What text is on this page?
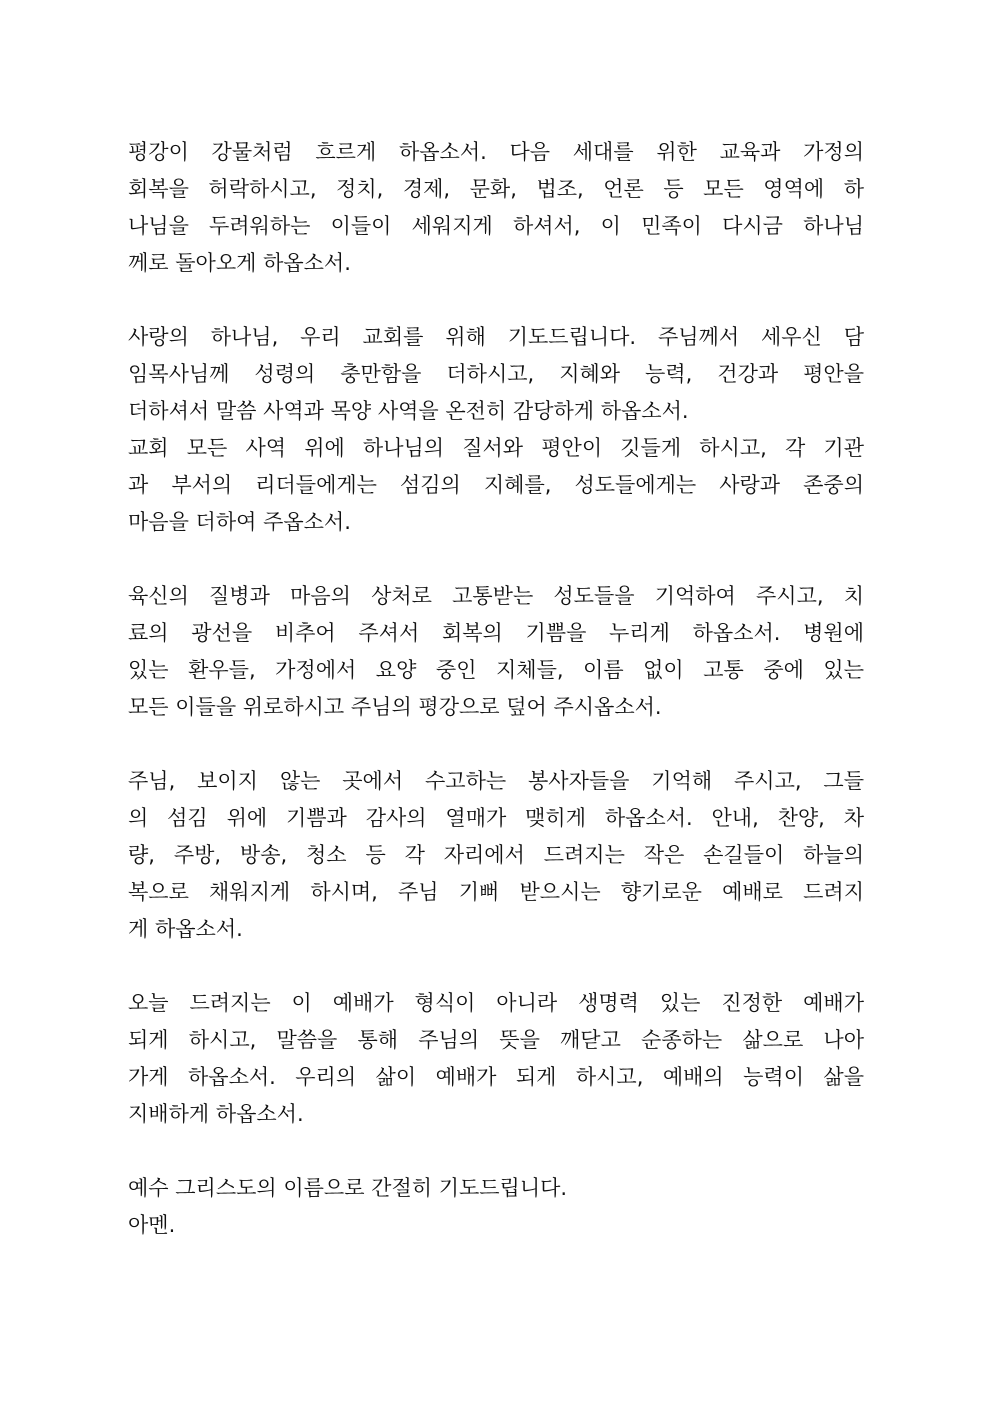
평강이 강물처럼 흐르게 하옵소서. 다음 세대를 위한 교육과 가정의
회복을 허락하시고, 정치, 경제, 문화, 법조, 언론 등 모든 영역에 하
나님을 두려워하는 이들이 세워지게 하셔서, 이 민족이 다시금 하나님
께로 돌아오게 하옵소서.

사랑의 하나님, 우리 교회를 위해 기도드립니다. 주님께서 세우신 담
임목사님께 성령의 충만함을 더하시고, 지혜와 능력, 건강과 평안을
더하셔서 말씀 사역과 목양 사역을 온전히 감당하게 하옵소서.
교회 모든 사역 위에 하나님의 질서와 평안이 깃들게 하시고, 각 기관
과 부서의 리더들에게는 섬김의 지혜를, 성도들에게는 사랑과 존중의
마음을 더하여 주옵소서.

육신의 질병과 마음의 상처로 고통받는 성도들을 기억하여 주시고, 치
료의 광선을 비추어 주셔서 회복의 기쁨을 누리게 하옵소서. 병원에
있는 환우들, 가정에서 요양 중인 지체들, 이름 없이 고통 중에 있는
모든 이들을 위로하시고 주님의 평강으로 덮어 주시옵소서.

주님, 보이지 않는 곳에서 수고하는 봉사자들을 기억해 주시고, 그들
의 섬김 위에 기쁨과 감사의 열매가 맺히게 하옵소서. 안내, 찬양, 차
량, 주방, 방송, 청소 등 각 자리에서 드려지는 작은 손길들이 하늘의
복으로 채워지게 하시며, 주님 기뻐 받으시는 향기로운 예배로 드려지
게 하옵소서.

오늘 드려지는 이 예배가 형식이 아니라 생명력 있는 진정한 예배가
되게 하시고, 말씀을 통해 주님의 뜻을 깨닫고 순종하는 삶으로 나아
가게 하옵소서. 우리의 삶이 예배가 되게 하시고, 예배의 능력이 삶을
지배하게 하옵소서.

예수 그리스도의 이름으로 간절히 기도드립니다.
아멘.
